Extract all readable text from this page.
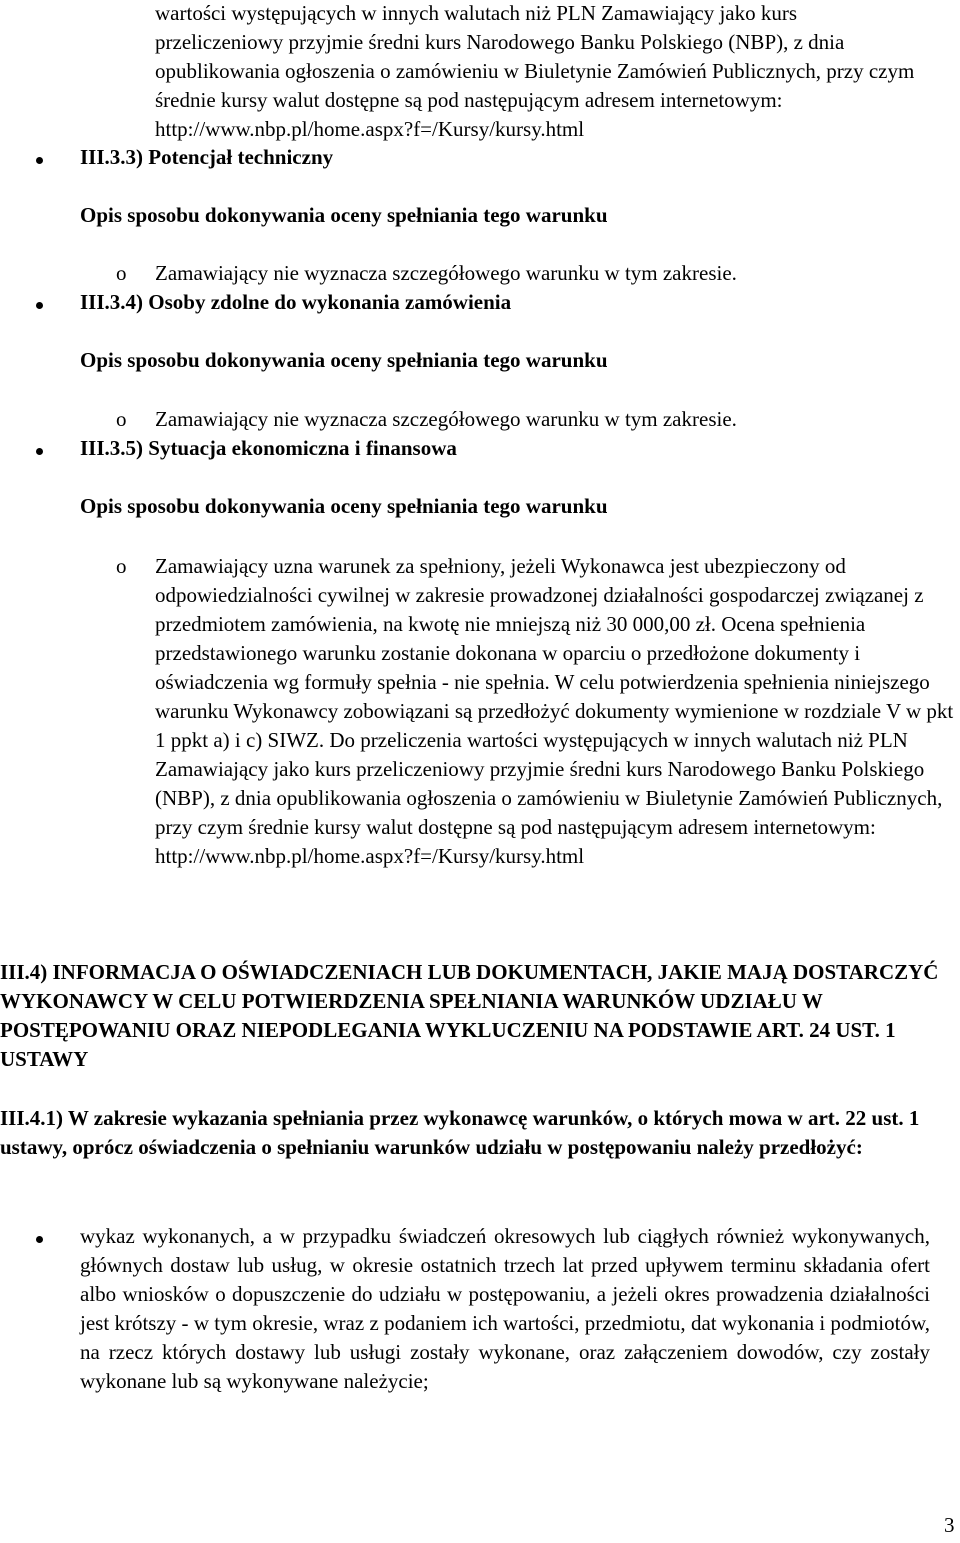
wartości występujących w innych walutach niż PLN Zamawiający jako kurs przeliczeniowy przyjmie średni kurs Narodowego Banku Polskiego (NBP), z dnia opublikowania ogłoszenia o zamówieniu w Biuletynie Zamówień Publicznych, przy czym średnie kursy walut dostępne są pod następującym adresem internetowym: http://www.nbp.pl/home.aspx?f=/Kursy/kursy.html

III.3.3) Potencjał techniczny
Opis sposobu dokonywania oceny spełniania tego warunku
o Zamawiający nie wyznacza szczegółowego warunku w tym zakresie.
III.3.4) Osoby zdolne do wykonania zamówienia
Opis sposobu dokonywania oceny spełniania tego warunku
o Zamawiający nie wyznacza szczegółowego warunku w tym zakresie.
III.3.5) Sytuacja ekonomiczna i finansowa
Opis sposobu dokonywania oceny spełniania tego warunku
o Zamawiający uzna warunek za spełniony, jeżeli Wykonawca jest ubezpieczony od odpowiedzialności cywilnej w zakresie prowadzonej działalności gospodarczej związanej z przedmiotem zamówienia, na kwotę nie mniejszą niż 30 000,00 zł. Ocena spełnienia przedstawionego warunku zostanie dokonana w oparciu o przedłożone dokumenty i oświadczenia wg formuły spełnia - nie spełnia. W celu potwierdzenia spełnienia niniejszego warunku Wykonawcy zobowiązani są przedłożyć dokumenty wymienione w rozdziale V w pkt 1 ppkt a) i c) SIWZ. Do przeliczenia wartości występujących w innych walutach niż PLN Zamawiający jako kurs przeliczeniowy przyjmie średni kurs Narodowego Banku Polskiego (NBP), z dnia opublikowania ogłoszenia o zamówieniu w Biuletynie Zamówień Publicznych, przy czym średnie kursy walut dostępne są pod następującym adresem internetowym: http://www.nbp.pl/home.aspx?f=/Kursy/kursy.html

III.4) INFORMACJA O OŚWIADCZENIACH LUB DOKUMENTACH, JAKIE MAJĄ DOSTARCZYĆ WYKONAWCY W CELU POTWIERDZENIA SPEŁNIANIA WARUNKÓW UDZIAŁU W POSTĘPOWANIU ORAZ NIEPODLEGANIA WYKLUCZENIU NA PODSTAWIE ART. 24 UST. 1 USTAWY

III.4.1) W zakresie wykazania spełniania przez wykonawcę warunków, o których mowa w art. 22 ust. 1 ustawy, oprócz oświadczenia o spełnianiu warunków udziału w postępowaniu należy przedłożyć:

wykaz wykonanych, a w przypadku świadczeń okresowych lub ciągłych również wykonywanych, głównych dostaw lub usług, w okresie ostatnich trzech lat przed upływem terminu składania ofert albo wniosków o dopuszczenie do udziału w postępowaniu, a jeżeli okres prowadzenia działalności jest krótszy - w tym okresie, wraz z podaniem ich wartości, przedmiotu, dat wykonania i podmiotów, na rzecz których dostawy lub usługi zostały wykonane, oraz załączeniem dowodów, czy zostały wykonane lub są wykonywane należycie;

3
